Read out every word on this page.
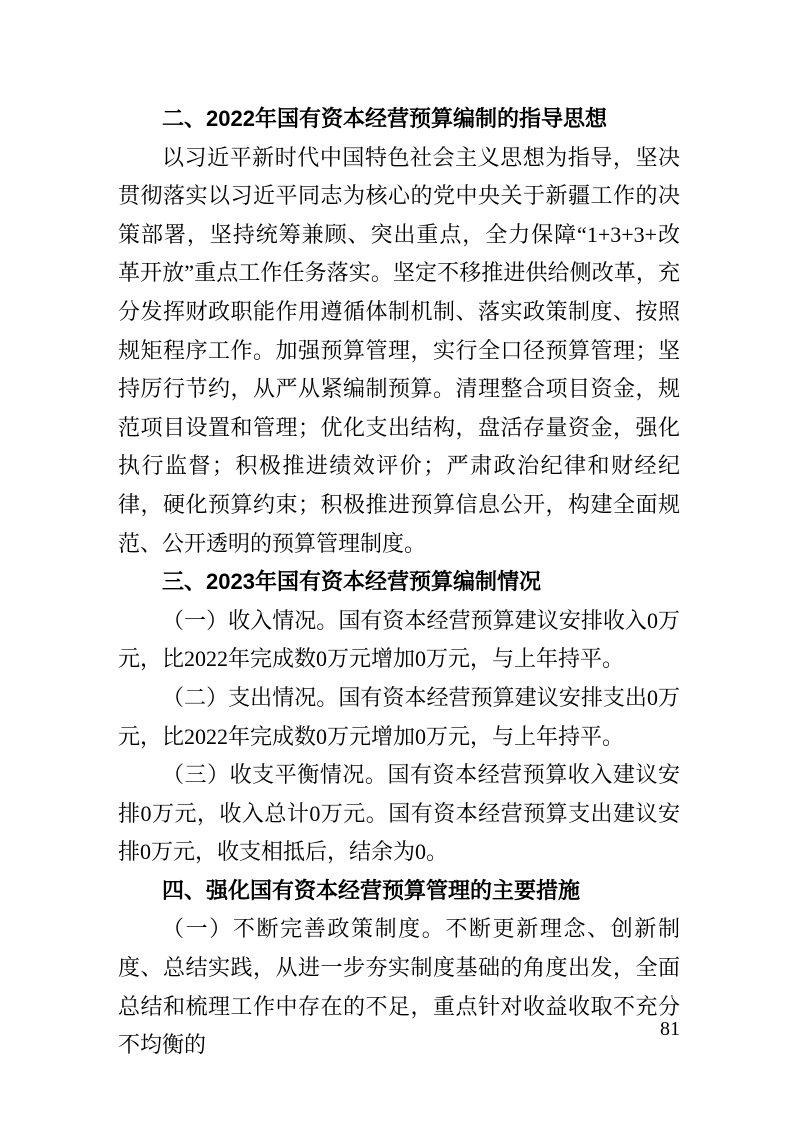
二、2022年国有资本经营预算编制的指导思想

以习近平新时代中国特色社会主义思想为指导，坚决贯彻落实以习近平同志为核心的党中央关于新疆工作的决策部署，坚持统筹兼顾、突出重点，全力保障“1+3+3+改革开放”重点工作任务落实。坚定不移推进供给侧改革，充分发挥财政职能作用遵循体制机制、落实政策制度、按照规矩程序工作。加强预算管理，实行全口径预算管理；坚持厉行节约，从严从紧编制预算。清理整合项目资金，规范项目设置和管理；优化支出结构，盘活存量资金，强化执行监督；积极推进绩效评价；严肃政治纪律和财经纪律，硬化预算约束；积极推进预算信息公开，构建全面规范、公开透明的预算管理制度。

三、2023年国有资本经营预算编制情况

（一）收入情况。国有资本经营预算建议安排收入0万元，比2022年完成数0万元增加0万元，与上年持平。

（二）支出情况。国有资本经营预算建议安排支出0万元，比2022年完成数0万元增加0万元，与上年持平。

（三）收支平衡情况。国有资本经营预算收入建议安排0万元，收入总计0万元。国有资本经营预算支出建议安排0万元，收支相抵后，结余为0。

四、强化国有资本经营预算管理的主要措施

（一）不断完善政策制度。不断更新理念、创新制度、总结实践，从进一步夯实制度基础的角度出发，全面总结和梳理工作中存在的不足，重点针对收益收取不充分不均衡的

81
